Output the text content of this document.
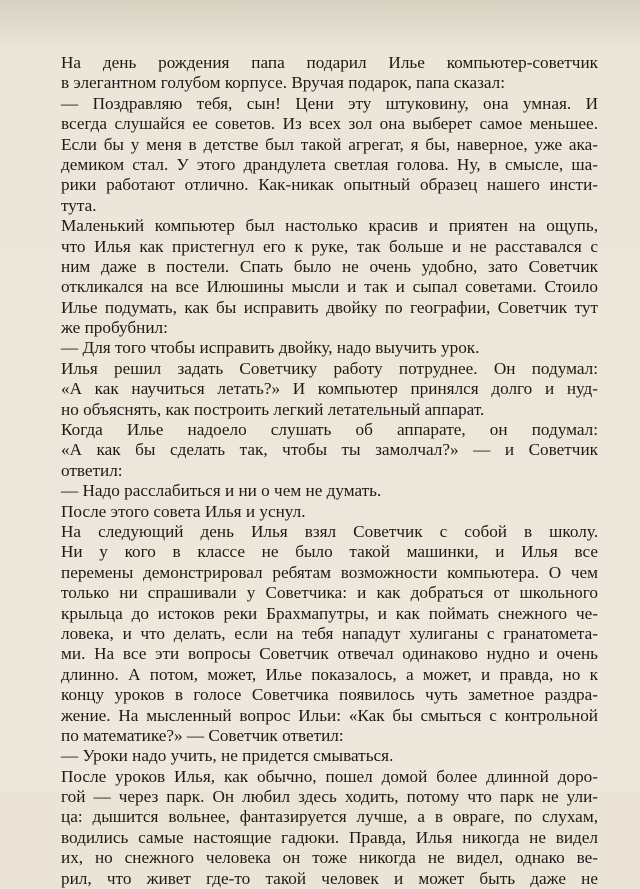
На день рождения папа подарил Илье компьютер-советчик
в элегантном голубом корпусе. Вручая подарок, папа сказал:
— Поздравляю тебя, сын! Цени эту штуковину, она умная. И
всегда слушайся ее советов. Из всех зол она выберет самое меньшее.
Если бы у меня в детстве был такой агрегат, я бы, наверное, уже ака-
демиком стал. У этого драндулета светлая голова. Ну, в смысле, ша-
рики работают отлично. Как-никак опытный образец нашего инсти-
тута.
Маленький компьютер был настолько красив и приятен на ощупь,
что Илья как пристегнул его к руке, так больше и не расставался с
ним даже в постели. Спать было не очень удобно, зато Советчик
откликался на все Илюшины мысли и так и сыпал советами. Стоило
Илье подумать, как бы исправить двойку по географии, Советчик тут
же пробубнил:
— Для того чтобы исправить двойку, надо выучить урок.
Илья решил задать Советчику работу потруднее. Он подумал:
«А как научиться летать?» И компьютер принялся долго и нуд-
но объяснять, как построить легкий летательный аппарат.
Когда Илье надоело слушать об аппарате, он подумал:
«А как бы сделать так, чтобы ты замолчал?» — и Советчик
ответил:
— Надо расслабиться и ни о чем не думать.
После этого совета Илья и уснул.
На следующий день Илья взял Советчик с собой в школу.
Ни у кого в классе не было такой машинки, и Илья все
перемены демонстрировал ребятам возможности компьютера. О чем
только ни спрашивали у Советчика: и как добраться от школьного
крыльца до истоков реки Брахмапутры, и как поймать снежного че-
ловека, и что делать, если на тебя нападут хулиганы с гранатомета-
ми. На все эти вопросы Советчик отвечал одинаково нудно и очень
длинно. А потом, может, Илье показалось, а может, и правда, но к
концу уроков в голосе Советчика появилось чуть заметное раздра-
жение. На мысленный вопрос Ильи: «Как бы смыться с контрольной
по математике?» — Советчик ответил:
— Уроки надо учить, не придется смываться.
После уроков Илья, как обычно, пошел домой более длинной доро-
гой — через парк. Он любил здесь ходить, потому что парк не ули-
ца: дышится вольнее, фантазируется лучше, а в овраге, по слухам,
водились самые настоящие гадюки. Правда, Илья никогда не видел
их, но снежного человека он тоже никогда не видел, однако ве-
рил, что живет где-то такой человек и может быть даже не
